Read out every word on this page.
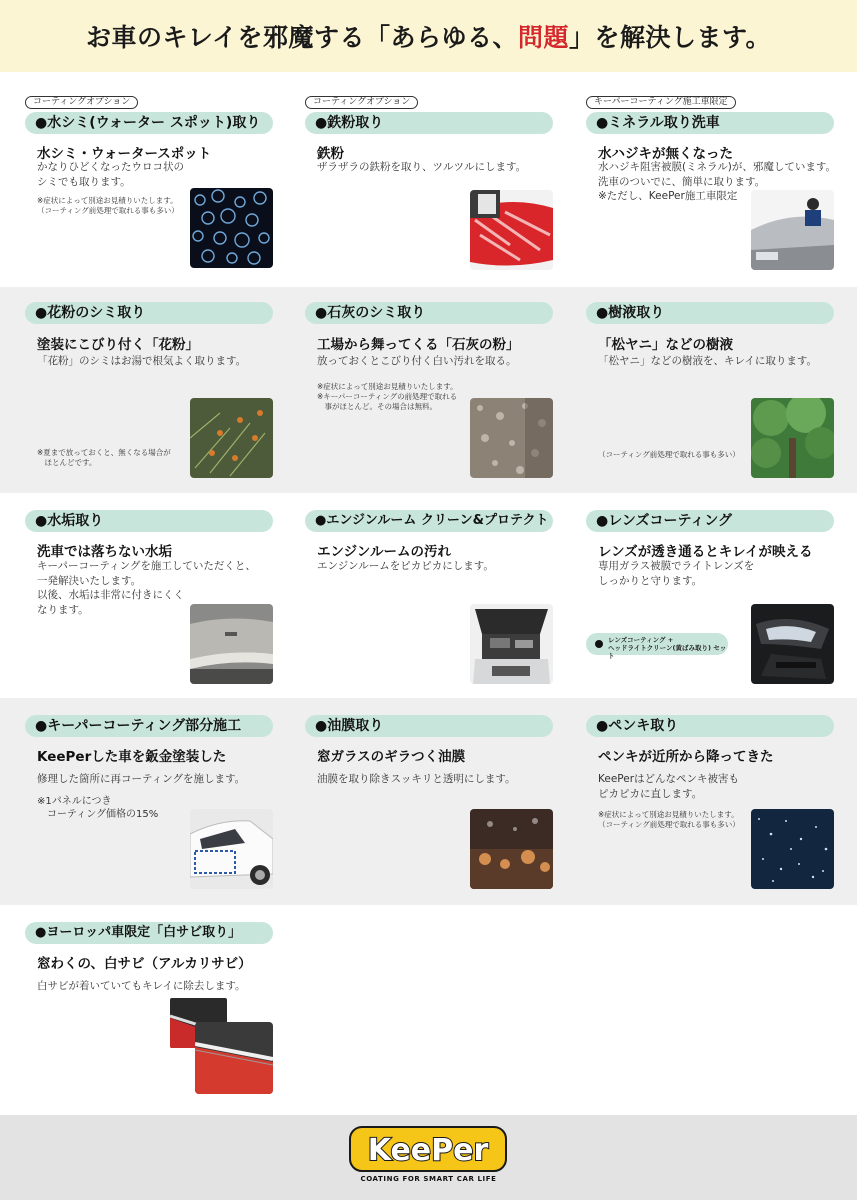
お車のキレイを邪魔する「あらゆる、問題」を解決します。
コーティングオプション
●水シミ(ウォーター スポット)取り
水シミ・ウォータースポット
かなりひどくなったウロコ状の
シミでも取ります。
※症状によって別途お見積りいたします。
（コーティング前処理で取れる事も多い）
コーティングオプション
●鉄粉取り
鉄粉
ザラザラの鉄粉を取り、ツルツルにします。
キーパーコーティング施工車限定
●ミネラル取り洗車
水ハジキが無くなった
水ハジキ阻害被膜(ミネラル)が、邪魔しています。
洗車のついでに、簡単に取ります。
※ただし、KeePer施工車限定
●花粉のシミ取り
塗装にこびり付く「花粉」
「花粉」のシミはお湯で根気よく取ります。
※夏まで放っておくと、無くなる場合が
　ほとんどです。
●石灰のシミ取り
工場から舞ってくる「石灰の粉」
放っておくとこびり付く白い汚れを取る。
※症状によって別途お見積りいたします。
※キーパーコーティングの前処理で取れる
　事がほとんど。その場合は無料。
●樹液取り
「松ヤニ」などの樹液
「松ヤニ」などの樹液を、キレイに取ります。
（コーティング前処理で取れる事も多い）
●水垢取り
洗車では落ちない水垢
キーパーコーティングを施工していただくと、
一発解決いたします。
以後、水垢は非常に付きにくく
なります。
●エンジンルーム クリーン&プロテクト
エンジンルームの汚れ
エンジンルームをピカピカにします。
●レンズコーティング
レンズが透き通るとキレイが映える
専用ガラス被膜でライトレンズを
しっかりと守ります。
レンズコーティング +
ヘッドライトクリーン(黄ばみ取り) セット
●キーパーコーティング部分施工
KeePerした車を鈑金塗装した
修理した箇所に再コーティングを施します。
※1パネルにつき
　コーティング価格の15%
●油膜取り
窓ガラスのギラつく油膜
油膜を取り除きスッキリと透明にします。
●ペンキ取り
ペンキが近所から降ってきた
KeePerはどんなペンキ被害も
ピカピカに直します。
※症状によって別途お見積りいたします。
（コーティング前処理で取れる事も多い）
●ヨーロッパ車限定「白サビ取り」
窓わくの、白サビ（アルカリサビ）
白サビが着いていてもキレイに除去します。
KeePer
COATING FOR SMART CAR LIFE
